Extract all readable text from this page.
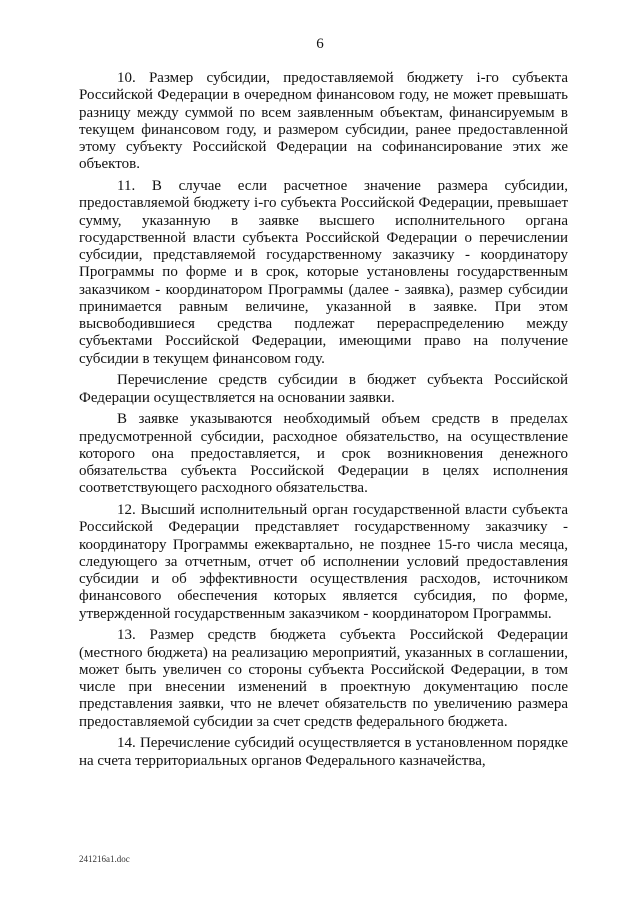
6

10. Размер субсидии, предоставляемой бюджету i-го субъекта Российской Федерации в очередном финансовом году, не может превышать разницу между суммой по всем заявленным объектам, финансируемым в текущем финансовом году, и размером субсидии, ранее предоставленной этому субъекту Российской Федерации на софинансирование этих же объектов.

11. В случае если расчетное значение размера субсидии, предоставляемой бюджету i-го субъекта Российской Федерации, превышает сумму, указанную в заявке высшего исполнительного органа государственной власти субъекта Российской Федерации о перечислении субсидии, представляемой государственному заказчику - координатору Программы по форме и в срок, которые установлены государственным заказчиком - координатором Программы (далее - заявка), размер субсидии принимается равным величине, указанной в заявке. При этом высвободившиеся средства подлежат перераспределению между субъектами Российской Федерации, имеющими право на получение субсидии в текущем финансовом году.

Перечисление средств субсидии в бюджет субъекта Российской Федерации осуществляется на основании заявки.

В заявке указываются необходимый объем средств в пределах предусмотренной субсидии, расходное обязательство, на осуществление которого она предоставляется, и срок возникновения денежного обязательства субъекта Российской Федерации в целях исполнения соответствующего расходного обязательства.

12. Высший исполнительный орган государственной власти субъекта Российской Федерации представляет государственному заказчику - координатору Программы ежеквартально, не позднее 15-го числа месяца, следующего за отчетным, отчет об исполнении условий предоставления субсидии и об эффективности осуществления расходов, источником финансового обеспечения которых является субсидия, по форме, утвержденной государственным заказчиком - координатором Программы.

13. Размер средств бюджета субъекта Российской Федерации (местного бюджета) на реализацию мероприятий, указанных в соглашении, может быть увеличен со стороны субъекта Российской Федерации, в том числе при внесении изменений в проектную документацию после представления заявки, что не влечет обязательств по увеличению размера предоставляемой субсидии за счет средств федерального бюджета.

14. Перечисление субсидий осуществляется в установленном порядке на счета территориальных органов Федерального казначейства,

241216a1.doc
